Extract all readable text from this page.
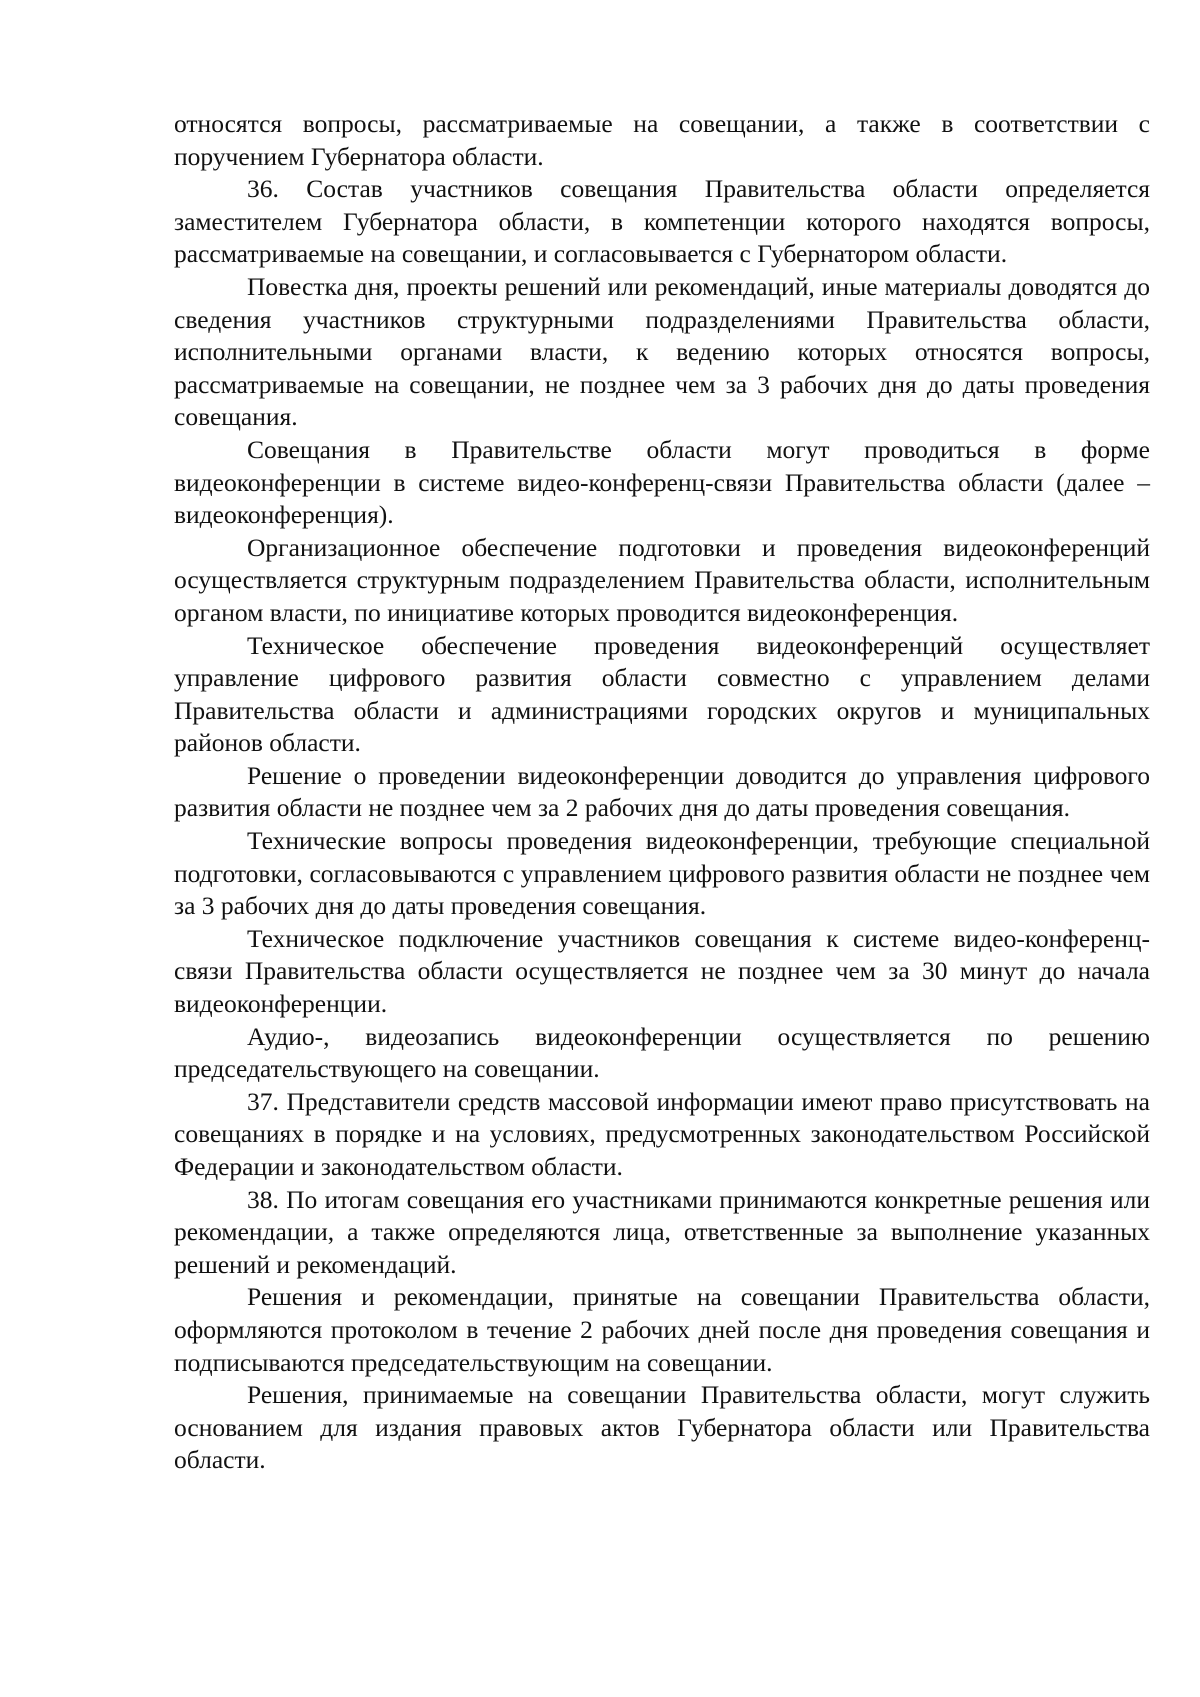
относятся вопросы, рассматриваемые на совещании, а также в соответствии с поручением Губернатора области.

36. Состав участников совещания Правительства области определяется заместителем Губернатора области, в компетенции которого находятся вопросы, рассматриваемые на совещании, и согласовывается с Губернатором области.

Повестка дня, проекты решений или рекомендаций, иные материалы доводятся до сведения участников структурными подразделениями Правительства области, исполнительными органами власти, к ведению которых относятся вопросы, рассматриваемые на совещании, не позднее чем за 3 рабочих дня до даты проведения совещания.

Совещания в Правительстве области могут проводиться в форме видеоконференции в системе видео-конференц-связи Правительства области (далее – видеоконференция).

Организационное обеспечение подготовки и проведения видеоконференций осуществляется структурным подразделением Правительства области, исполнительным органом власти, по инициативе которых проводится видеоконференция.

Техническое обеспечение проведения видеоконференций осуществляет управление цифрового развития области совместно с управлением делами Правительства области и администрациями городских округов и муниципальных районов области.

Решение о проведении видеоконференции доводится до управления цифрового развития области не позднее чем за 2 рабочих дня до даты проведения совещания.

Технические вопросы проведения видеоконференции, требующие специальной подготовки, согласовываются с управлением цифрового развития области не позднее чем за 3 рабочих дня до даты проведения совещания.

Техническое подключение участников совещания к системе видео-конференц-связи Правительства области осуществляется не позднее чем за 30 минут до начала видеоконференции.

Аудио-, видеозапись видеоконференции осуществляется по решению председательствующего на совещании.

37. Представители средств массовой информации имеют право присутствовать на совещаниях в порядке и на условиях, предусмотренных законодательством Российской Федерации и законодательством области.

38. По итогам совещания его участниками принимаются конкретные решения или рекомендации, а также определяются лица, ответственные за выполнение указанных решений и рекомендаций.

Решения и рекомендации, принятые на совещании Правительства области, оформляются протоколом в течение 2 рабочих дней после дня проведения совещания и подписываются председательствующим на совещании.

Решения, принимаемые на совещании Правительства области, могут служить основанием для издания правовых актов Губернатора области или Правительства области.
